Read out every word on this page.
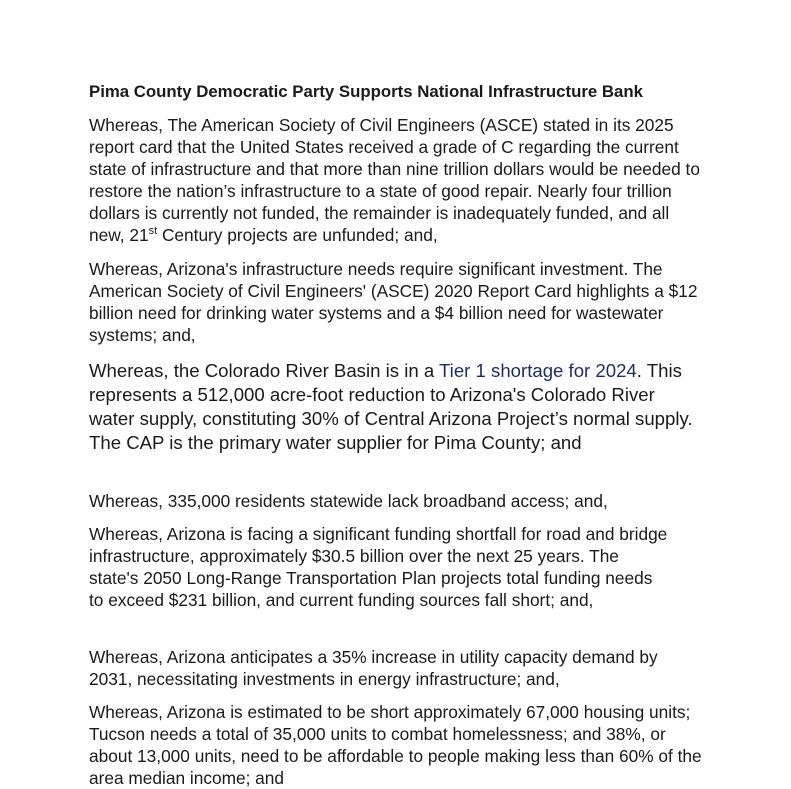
Pima County Democratic Party Supports National Infrastructure Bank

Whereas, The American Society of Civil Engineers (ASCE) stated in its 2025 report card that the United States received a grade of C regarding the current state of infrastructure and that more than nine trillion dollars would be needed to restore the nation’s infrastructure to a state of good repair. Nearly four trillion dollars is currently not funded, the remainder is inadequately funded, and all new, 21st Century projects are unfunded; and,

Whereas, Arizona's infrastructure needs require significant investment. The American Society of Civil Engineers' (ASCE) 2020 Report Card highlights a $12 billion need for drinking water systems and a $4 billion need for wastewater systems; and,

Whereas, the Colorado River Basin is in a Tier 1 shortage for 2024. This represents a 512,000 acre-foot reduction to Arizona's Colorado River water supply, constituting 30% of Central Arizona Project’s normal supply. The CAP is the primary water supplier for Pima County; and

Whereas, 335,000 residents statewide lack broadband access; and,

Whereas, Arizona is facing a significant funding shortfall for road and bridge infrastructure, approximately $30.5 billion over the next 25 years. The state's 2050 Long-Range Transportation Plan projects total funding needs to exceed $231 billion, and current funding sources fall short; and,

Whereas, Arizona anticipates a 35% increase in utility capacity demand by 2031, necessitating investments in energy infrastructure; and,

Whereas, Arizona is estimated to be short approximately 67,000 housing units; Tucson needs a total of 35,000 units to combat homelessness; and 38%, or about 13,000 units, need to be affordable to people making less than 60% of the area median income; and
